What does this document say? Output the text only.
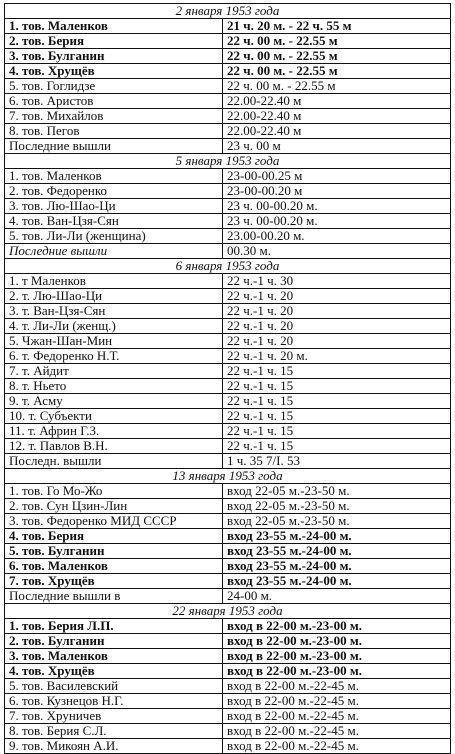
2 января 1953 года	
1. тов. Маленков	21 ч. 20 м. - 22 ч. 55 м
2. тов. Берия	22 ч. 00 м. - 22.55 м
3. тов. Булганин	22 ч. 00 м. - 22.55 м
4. тов. Хрущёв	22 ч. 00 м. - 22.55 м
5. тов. Гоглидзе	22 ч. 00 м. - 22.55 м
6. тов. Аристов	22.00-22.40 м
7. тов. Михайлов	22.00-22.40 м
8. тов. Пегов	22.00-22.40 м
Последние вышли	23 ч. 00 м
5 января 1953 года	
1. тов. Маленков	23-00-00.25 м
2. тов. Федоренко	23-00-00.20 м
3. тов. Лю-Шао-Ци	23 ч. 00-00.20 м.
4. тов. Ван-Цзя-Сян	23 ч. 00-00.20 м.
5. тов. Ли-Ли (женщина)	23.00-00.20 м.
Последние вышли	00.30 м.
6 января 1953 года	
1. т Маленков	22 ч.-1 ч. 30
2. т. Лю-Шао-Ци	22 ч.-1 ч. 20
3. т. Ван-Цзя-Сян	22 ч.-1 ч. 20
4. т. Ли-Ли (женщ.)	22 ч.-1 ч. 20
5. Чжан-Шан-Мин	22 ч.-1 ч. 20
6. т. Федоренко Н.Т.	22 ч.-1 ч. 20 м.
7. т. Айдит	22 ч.-1 ч. 15
8. т. Ньето	22 ч.-1 ч. 15
9. т. Асму	22 ч.-1 ч. 15
10. т. Субъекти	22 ч.-1 ч. 15
11. т. Африн Г.З.	22 ч.-1 ч. 15
12. т. Павлов В.Н.	22 ч.-1 ч. 15
Последн. вышли	1 ч. 35 7/I. 53
13 января 1953 года	
1. тов. Го Мо-Жо	вход 22-05 м.-23-50 м.
2. тов. Сун Цзин-Лин	вход 22-05 м.-23-50 м.
3. тов. Федоренко МИД СССР	вход 22-05 м.-23-50 м.
4. тов. Берия	вход 23-55 м.-24-00 м.
5. тов. Булганин	вход 23-55 м.-24-00 м.
6. тов. Маленков	вход 23-55 м.-24-00 м.
7. тов. Хрущёв	вход 23-55 м.-24-00 м.
Последние вышли в	24-00 м.
22 января 1953 года	
1. тов. Берия Л.П.	вход в 22-00 м.-23-00 м.
2. тов. Булганин	вход в 22-00 м.-23-00 м.
3. тов. Маленков	вход в 22-00 м.-23-00 м.
4. тов. Хрущёв	вход в 22-00 м.-23-00 м.
5. тов. Василевский	вход в 22-00 м.-22-45 м.
6. тов. Кузнецов Н.Г.	вход в 22-00 м.-22-45 м.
7. тов. Хруничев	вход в 22-00 м.-22-45 м.
8. тов. Берия С.Л.	вход в 22-00 м.-22-45 м.
9. тов. Микоян А.И.	вход в 22-00 м.-22-45 м.
